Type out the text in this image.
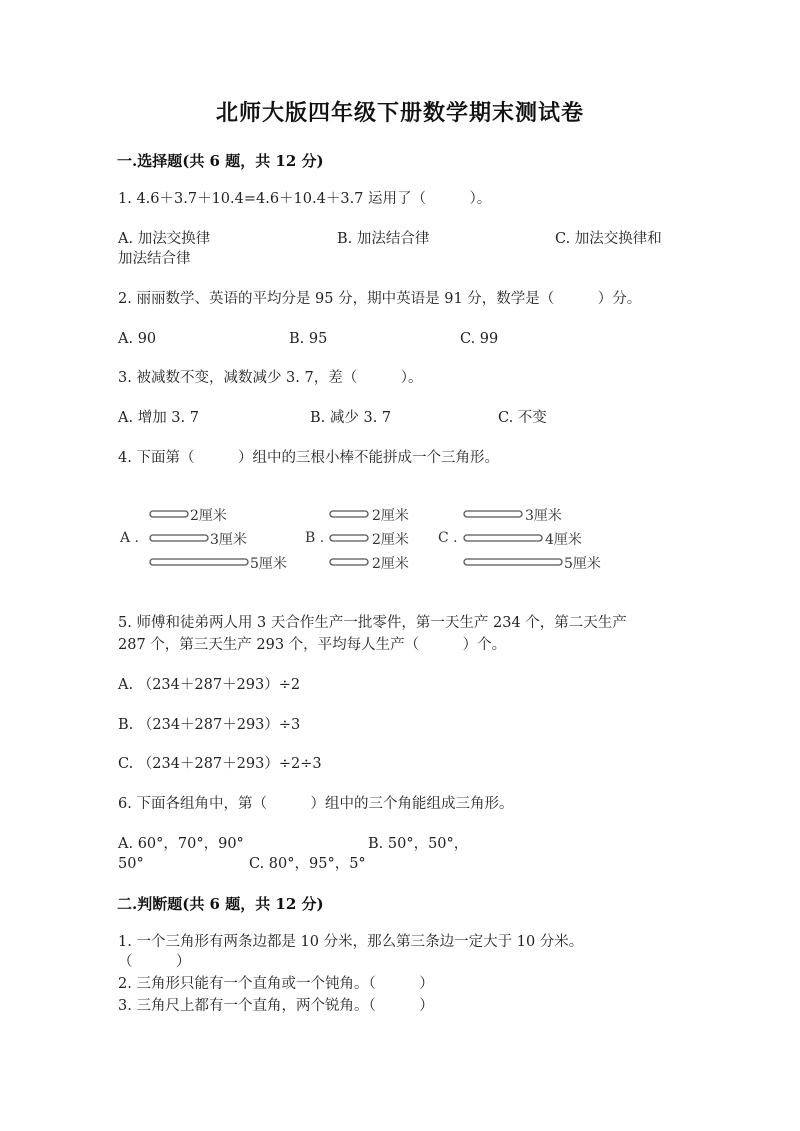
北师大版四年级下册数学期末测试卷
一.选择题(共 6 题，共 12 分)
1. 4.6＋3.7＋10.4=4.6＋10.4＋3.7 运用了（　　　）。
A. 加法交换律	B. 加法结合律	C. 加法交换律和
加法结合律
2. 丽丽数学、英语的平均分是 95 分，期中英语是 91 分，数学是（　　　）分。
A. 90	B. 95	C. 99
3. 被减数不变，减数减少 3. 7，差（　　　）。
A. 增加 3. 7	B. 减少 3. 7	C. 不变
4. 下面第（　　　）组中的三根小棒不能拼成一个三角形。
A .	B .	C .
2厘米
3厘米
5厘米
2厘米
2厘米
2厘米
3厘米
4厘米
5厘米
5. 师傅和徒弟两人用 3 天合作生产一批零件，第一天生产 234 个，第二天生产
287 个，第三天生产 293 个，平均每人生产（　　　）个。
A. （234＋287＋293）÷2
B. （234＋287＋293）÷3
C. （234＋287＋293）÷2÷3
6. 下面各组角中，第（　　　）组中的三个角能组成三角形。
A. 60°，70°，90°	B. 50°，50°，
50°	C. 80°，95°，5°
二.判断题(共 6 题，共 12 分)
1. 一个三角形有两条边都是 10 分米，那么第三条边一定大于 10 分米。
（　　　）
2. 三角形只能有一个直角或一个钝角。（　　　）
3. 三角尺上都有一个直角，两个锐角。（　　　）
